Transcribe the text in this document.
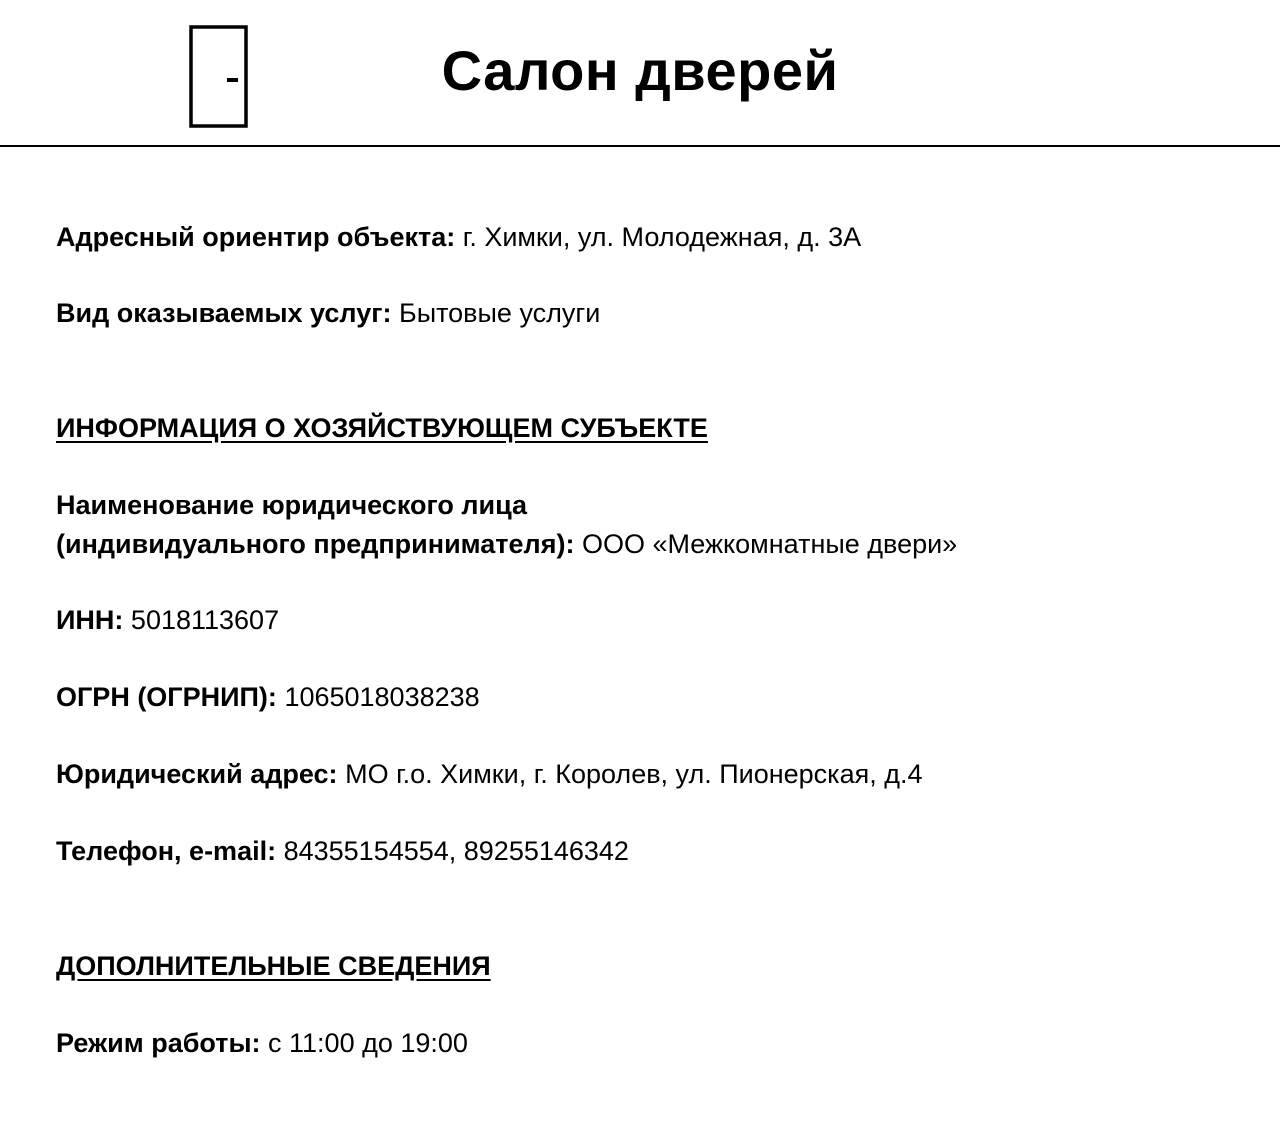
Салон дверей
Адресный ориентир объекта: г. Химки, ул. Молодежная, д. 3А
Вид оказываемых услуг: Бытовые услуги
ИНФОРМАЦИЯ О ХОЗЯЙСТВУЮЩЕМ СУБЪЕКТЕ
Наименование юридического лица
(индивидуального предпринимателя): ООО «Межкомнатные двери»
ИНН: 5018113607
ОГРН (ОГРНИП): 1065018038238
Юридический адрес: МО г.о. Химки, г. Королев, ул. Пионерская, д.4
Телефон, e-mail: 84355154554, 89255146342
ДОПОЛНИТЕЛЬНЫЕ СВЕДЕНИЯ
Режим работы: с 11:00 до 19:00
